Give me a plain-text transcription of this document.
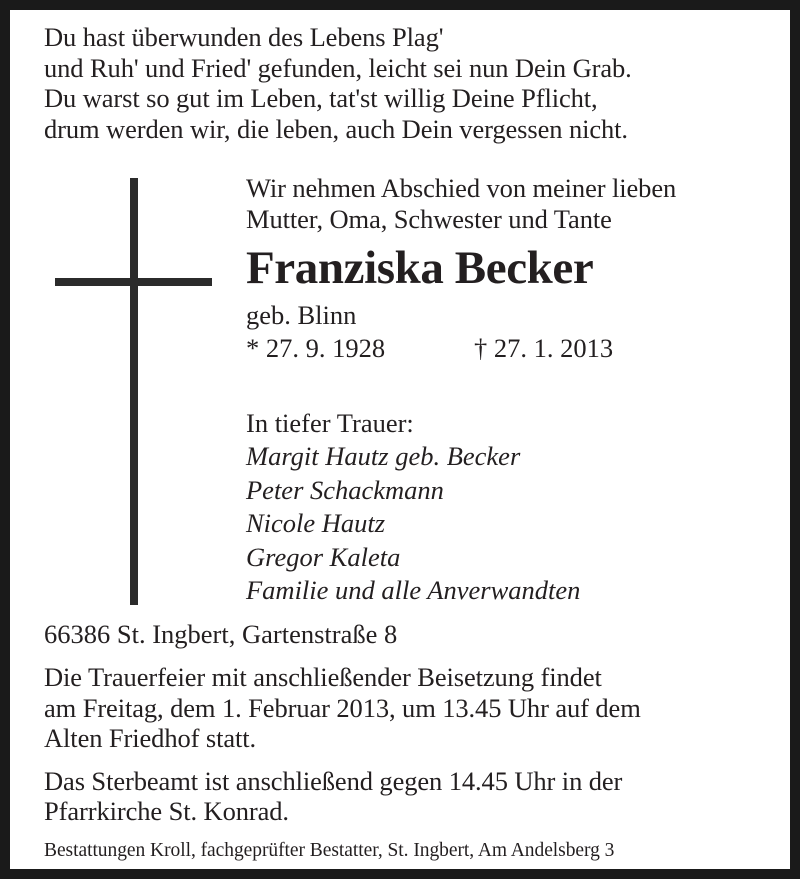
Du hast überwunden des Lebens Plag'
und Ruh' und Fried' gefunden, leicht sei nun Dein Grab.
Du warst so gut im Leben, tat'st willig Deine Pflicht,
drum werden wir, die leben, auch Dein vergessen nicht.
Wir nehmen Abschied von meiner lieben
Mutter, Oma, Schwester und Tante
Franziska Becker
geb. Blinn
* 27. 9. 1928	† 27. 1. 2013
In tiefer Trauer:
Margit Hautz geb. Becker
Peter Schackmann
Nicole Hautz
Gregor Kaleta
Familie und alle Anverwandten
66386 St. Ingbert, Gartenstraße 8
Die Trauerfeier mit anschließender Beisetzung findet
am Freitag, dem 1. Februar 2013, um 13.45 Uhr auf dem
Alten Friedhof statt.
Das Sterbeamt ist anschließend gegen 14.45 Uhr in der
Pfarrkirche St. Konrad.
Bestattungen Kroll, fachgeprüfter Bestatter, St. Ingbert, Am Andelsberg 3
